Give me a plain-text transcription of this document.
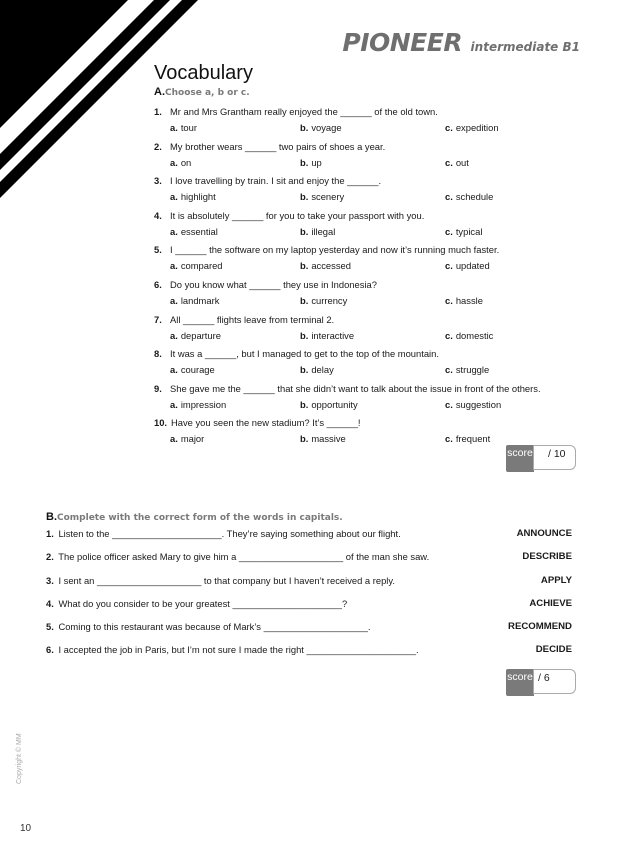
PIONEER intermediate B1
Vocabulary
A.Choose a, b or c.
1. Mr and Mrs Grantham really enjoyed the ______ of the old town.
a. tour	b. voyage	c. expedition
2. My brother wears ______ two pairs of shoes a year.
a. on	b. up	c. out
3. I love travelling by train. I sit and enjoy the ______.
a. highlight	b. scenery	c. schedule
4. It is absolutely ______ for you to take your passport with you.
a. essential	b. illegal	c. typical
5. I ______ the software on my laptop yesterday and now it’s running much faster.
a. compared	b. accessed	c. updated
6. Do you know what ______ they use in Indonesia?
a. landmark	b. currency	c. hassle
7. All ______ flights leave from terminal 2.
a. departure	b. interactive	c. domestic
8. It was a ______, but I managed to get to the top of the mountain.
a. courage	b. delay	c. struggle
9. She gave me the ______ that she didn’t want to talk about the issue in front of the others.
a. impression	b. opportunity	c. suggestion
10. Have you seen the new stadium? It’s ______!
a. major	b. massive	c. frequent
score	/ 10
B.Complete with the correct form of the words in capitals.
1. Listen to the _____________________. They’re saying something about our flight.	ANNOUNCE
2. The police officer asked Mary to give him a ____________________ of the man she saw.	DESCRIBE
3. I sent an ____________________ to that company but I haven’t received a reply.	APPLY
4. What do you consider to be your greatest _____________________?	ACHIEVE
5. Coming to this restaurant was because of Mark’s ____________________.	RECOMMEND
6. I accepted the job in Paris, but I’m not sure I made the right _____________________.	DECIDE
score / 6
Copyright © MM
10
